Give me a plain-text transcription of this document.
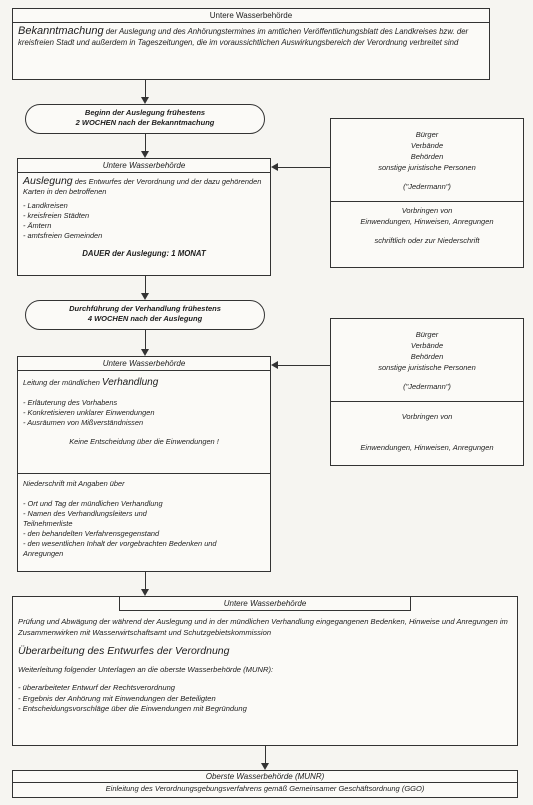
Untere Wasserbehörde
Bekanntmachung der Auslegung und des Anhörungstermines im amtlichen Veröffentlichungsblatt des Landkreises bzw. der kreisfreien Stadt und außerdem in Tageszeitungen, die im voraussichtlichen Auswirkungsbereich der Verordnung verbreitet sind
Beginn der Auslegung frühestens
2 WOCHEN nach der Bekanntmachung
Untere Wasserbehörde
Auslegung des Entwurfes der Verordnung und der dazu gehörenden Karten in den betroffenen
- Landkreisen
- kreisfreien Städten
- Ämtern
- amtsfreien Gemeinden
DAUER der Auslegung: 1 MONAT
Bürger
Verbände
Behörden
sonstige juristische Personen
("Jedermann")
Vorbringen von
Einwendungen, Hinweisen, Anregungen
schriftlich oder zur Niederschrift
Durchführung der Verhandlung frühestens
4 WOCHEN nach der Auslegung
Untere Wasserbehörde
Leitung der mündlichen Verhandlung
- Erläuterung des Vorhabens
- Konkretisieren unklarer Einwendungen
- Ausräumen von Mißverständnissen
Keine Entscheidung über die Einwendungen !
Niederschrift mit Angaben über
- Ort und Tag der mündlichen Verhandlung
- Namen des Verhandlungsleiters und Teilnehmerliste
- den behandelten Verfahrensgegenstand
- den wesentlichen Inhalt der vorgebrachten Bedenken und Anregungen
Bürger
Verbände
Behörden
sonstige juristische Personen
("Jedermann")
Vorbringen von
Einwendungen, Hinweisen, Anregungen
Untere Wasserbehörde
Prüfung und Abwägung der während der Auslegung und in der mündlichen Verhandlung eingegangenen Bedenken, Hinweise und Anregungen im Zusammenwirken mit Wasserwirtschaftsamt und Schutzgebietskommission
Überarbeitung des Entwurfes der Verordnung
Weiterleitung folgender Unterlagen an die oberste Wasserbehörde (MUNR):
- überarbeiteter Entwurf der Rechtsverordnung
- Ergebnis der Anhörung mit Einwendungen der Beteiligten
- Entscheidungsvorschläge über die Einwendungen mit Begründung
Oberste Wasserbehörde (MUNR)
Einleitung des Verordnungsgebungsverfahrens gemäß Gemeinsamer Geschäftsordnung (GGO)
